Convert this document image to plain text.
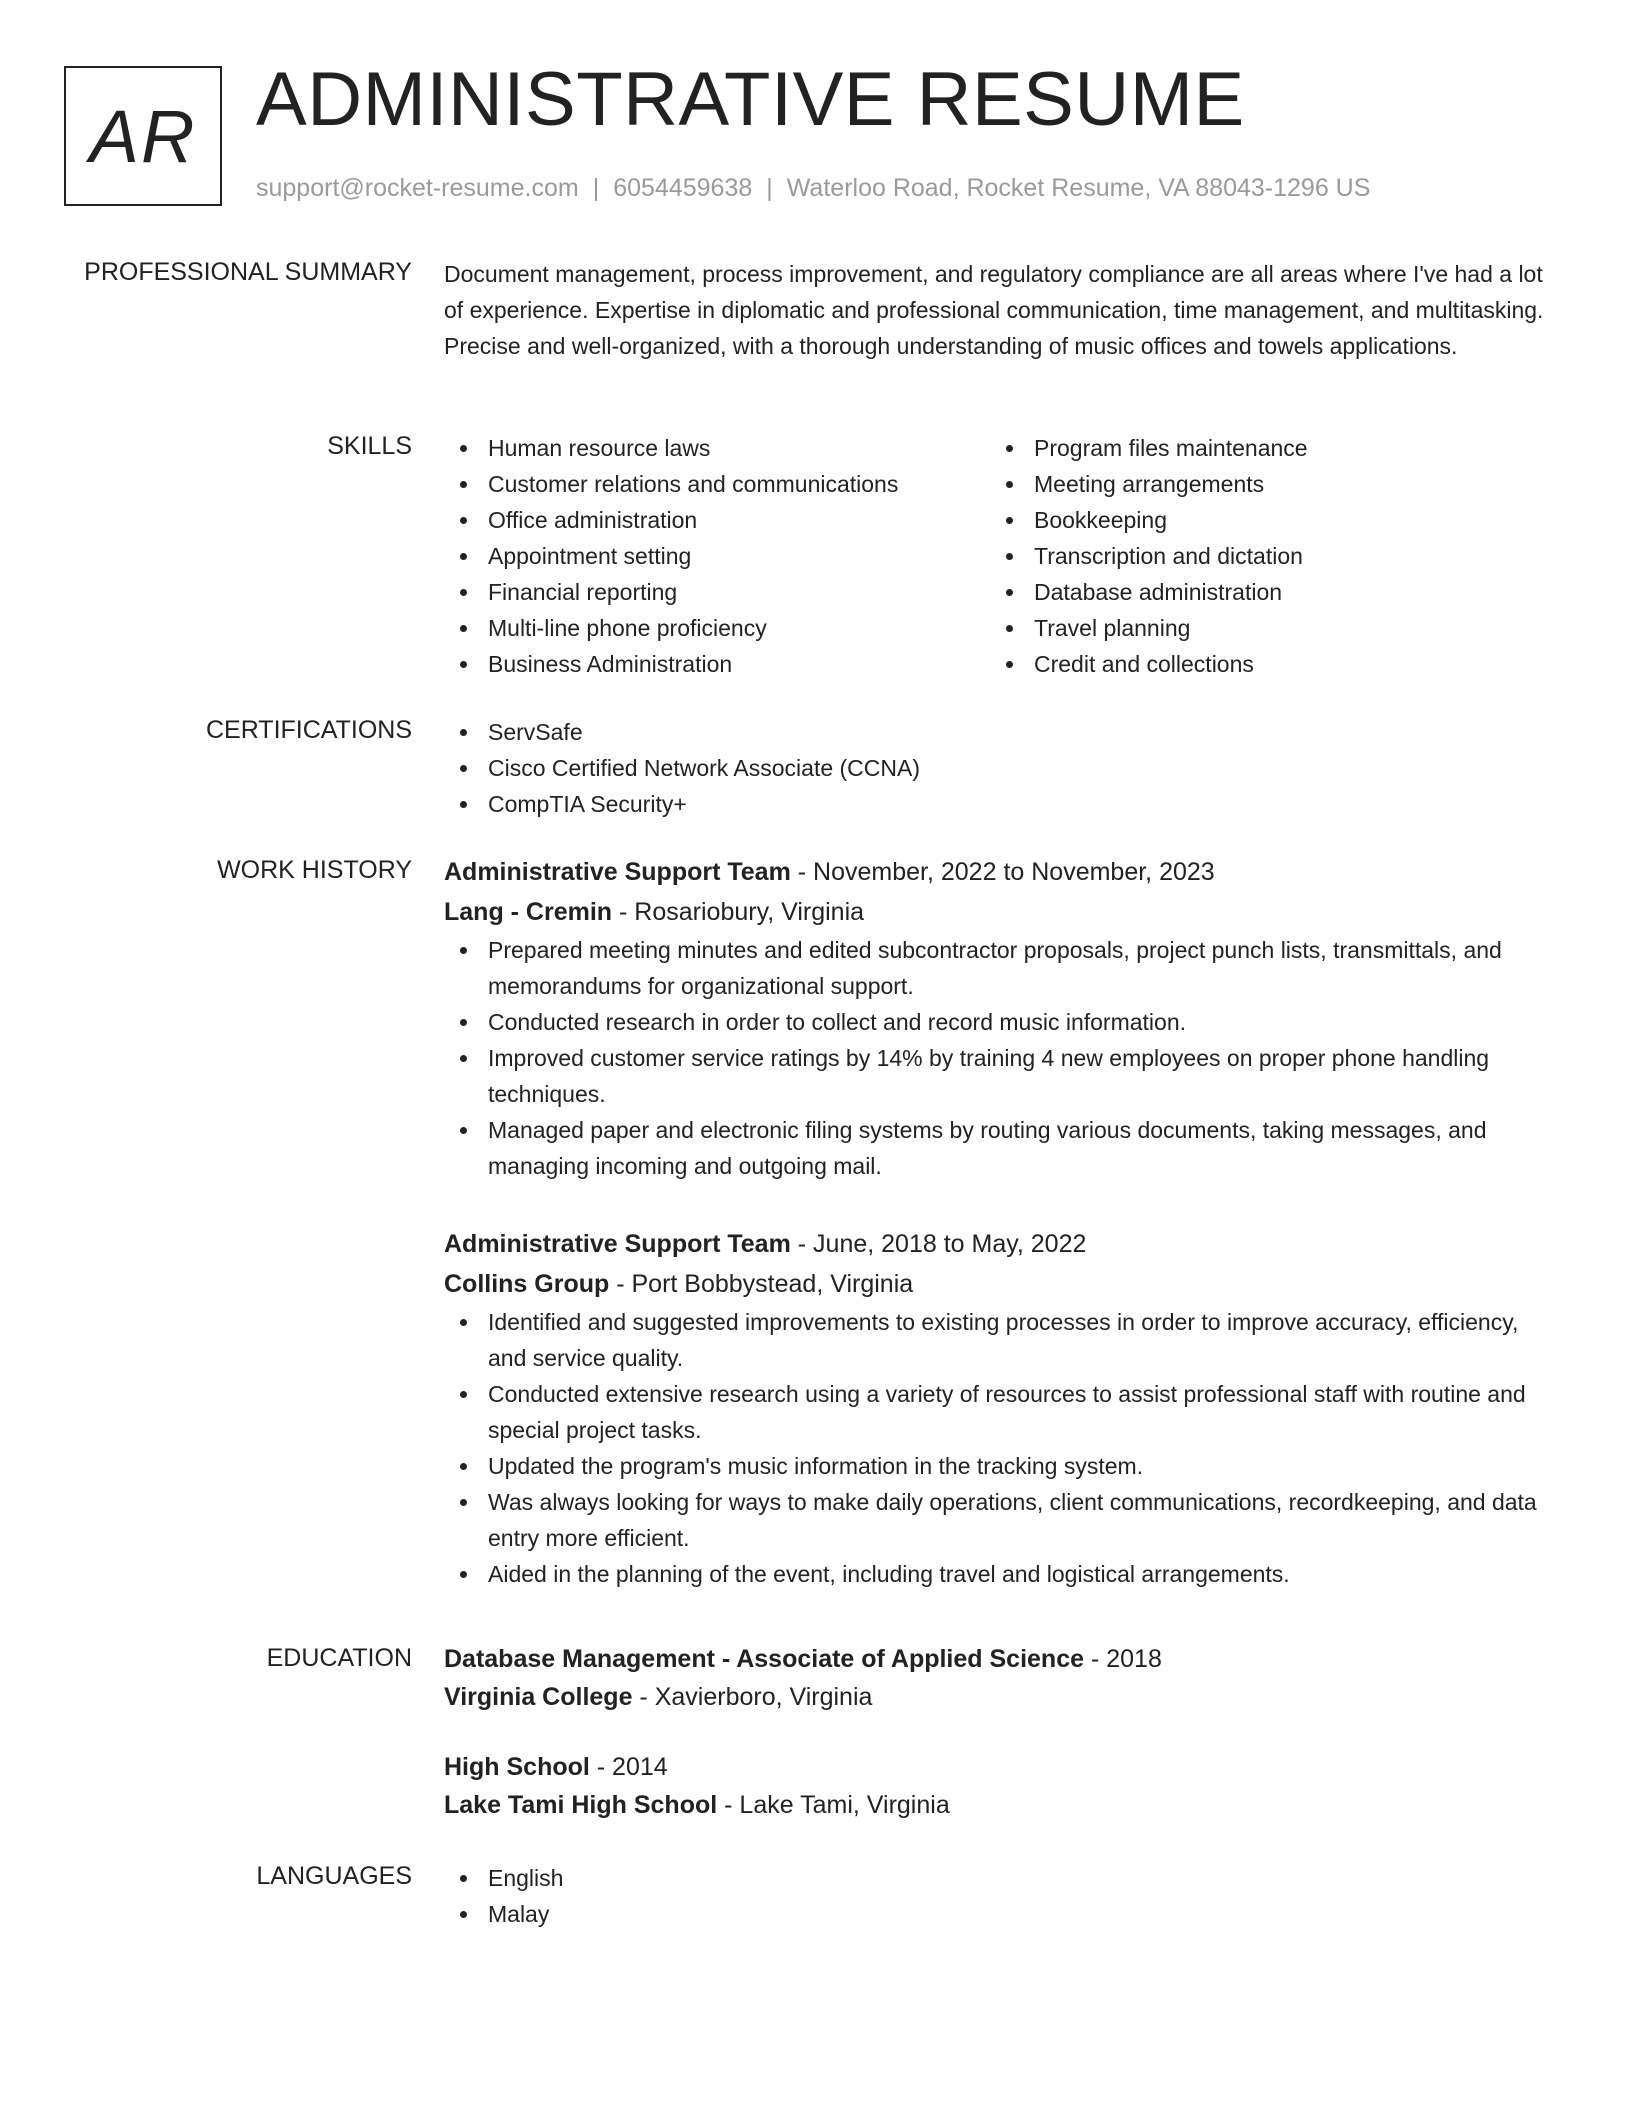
AR ADMINISTRATIVE RESUME
support@rocket-resume.com | 6054459638 | Waterloo Road, Rocket Resume, VA 88043-1296 US
PROFESSIONAL SUMMARY Document management, process improvement, and regulatory compliance are all areas where I've had a lot of experience. Expertise in diplomatic and professional communication, time management, and multitasking. Precise and well-organized, with a thorough understanding of music offices and towels applications.

SKILLS	Human resource laws
Customer relations and communications
Office administration
Appointment setting
Financial reporting
Multi-line phone proficiency
Business Administration
Program files maintenance
Meeting arrangements
Bookkeeping
Transcription and dictation
Database administration
Travel planning
Credit and collections
CERTIFICATIONS	ServSafe
Cisco Certified Network Associate (CCNA)
CompTIA Security+
WORK HISTORY Administrative Support Team - November, 2022 to November, 2023
Lang - Cremin - Rosariobury, Virginia
Prepared meeting minutes and edited subcontractor proposals, project punch lists, transmittals, and memorandums for organizational support.
Conducted research in order to collect and record music information.
Improved customer service ratings by 14% by training 4 new employees on proper phone handling techniques.
Managed paper and electronic filing systems by routing various documents, taking messages, and managing incoming and outgoing mail.
Administrative Support Team - June, 2018 to May, 2022
Collins Group - Port Bobbystead, Virginia
Identified and suggested improvements to existing processes in order to improve accuracy, efficiency, and service quality.
Conducted extensive research using a variety of resources to assist professional staff with routine and special project tasks.
Updated the program's music information in the tracking system.
Was always looking for ways to make daily operations, client communications, recordkeeping, and data entry more efficient.
Aided in the planning of the event, including travel and logistical arrangements.
EDUCATION Database Management - Associate of Applied Science - 2018
Virginia College - Xavierboro, Virginia
High School - 2014
Lake Tami High School - Lake Tami, Virginia
LANGUAGES	English
Malay
